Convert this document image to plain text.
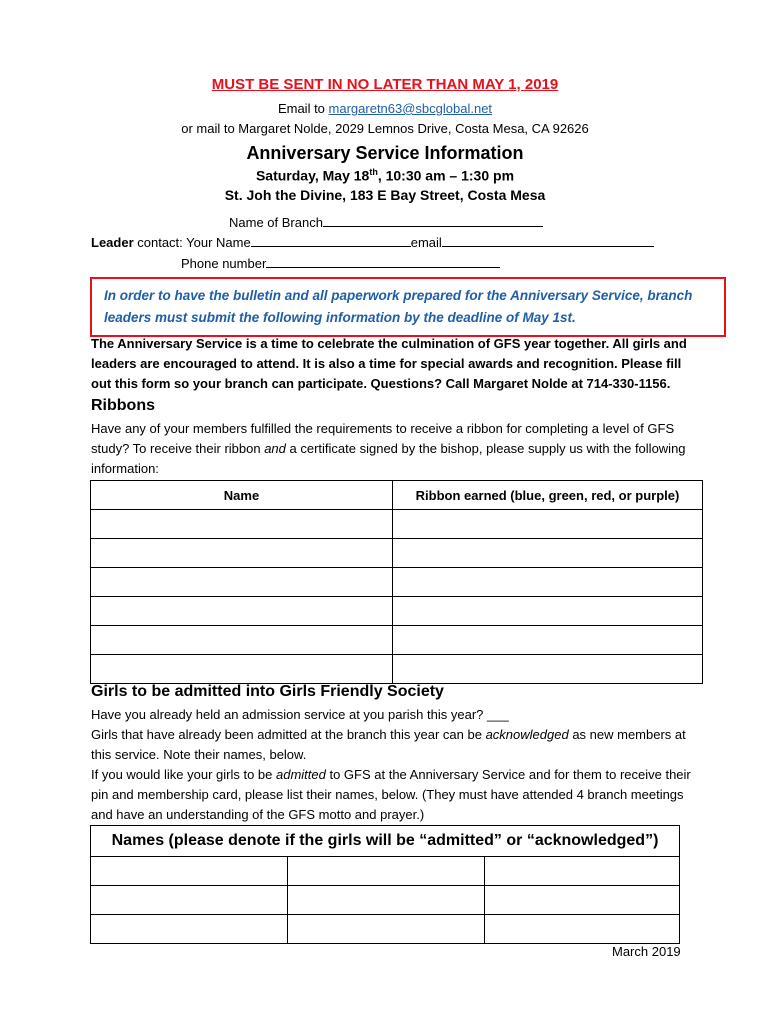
MUST BE SENT IN NO LATER THAN MAY 1, 2019
Email to margaretn63@sbcglobal.net
or mail to Margaret Nolde, 2029 Lemnos Drive, Costa Mesa, CA 92626
Anniversary Service Information
Saturday, May 18th, 10:30 am – 1:30 pm
St. Joh the Divine, 183 E Bay Street, Costa Mesa
Name of Branch
Leader contact: Your Name	email
Phone number

In order to have the bulletin and all paperwork prepared for the Anniversary Service, branch leaders must submit the following information by the deadline of May 1st.

The Anniversary Service is a time to celebrate the culmination of GFS year together. All girls and leaders are encouraged to attend. It is also a time for special awards and recognition. Please fill out this form so your branch can participate. Questions? Call Margaret Nolde at 714-330-1156.

Ribbons

Have any of your members fulfilled the requirements to receive a ribbon for completing a level of GFS study? To receive their ribbon and a certificate signed by the bishop, please supply us with the following information:

Name	Ribbon earned (blue, green, red, or purple)

Girls to be admitted into Girls Friendly Society

Have you already held an admission service at you parish this year? ___
Girls that have already been admitted at the branch this year can be acknowledged as new members at this service. Note their names, below.
If you would like your girls to be admitted to GFS at the Anniversary Service and for them to receive their pin and membership card, please list their names, below. (They must have attended 4 branch meetings and have an understanding of the GFS motto and prayer.)

Names (please denote if the girls will be “admitted” or “acknowledged”)		

March 2019
